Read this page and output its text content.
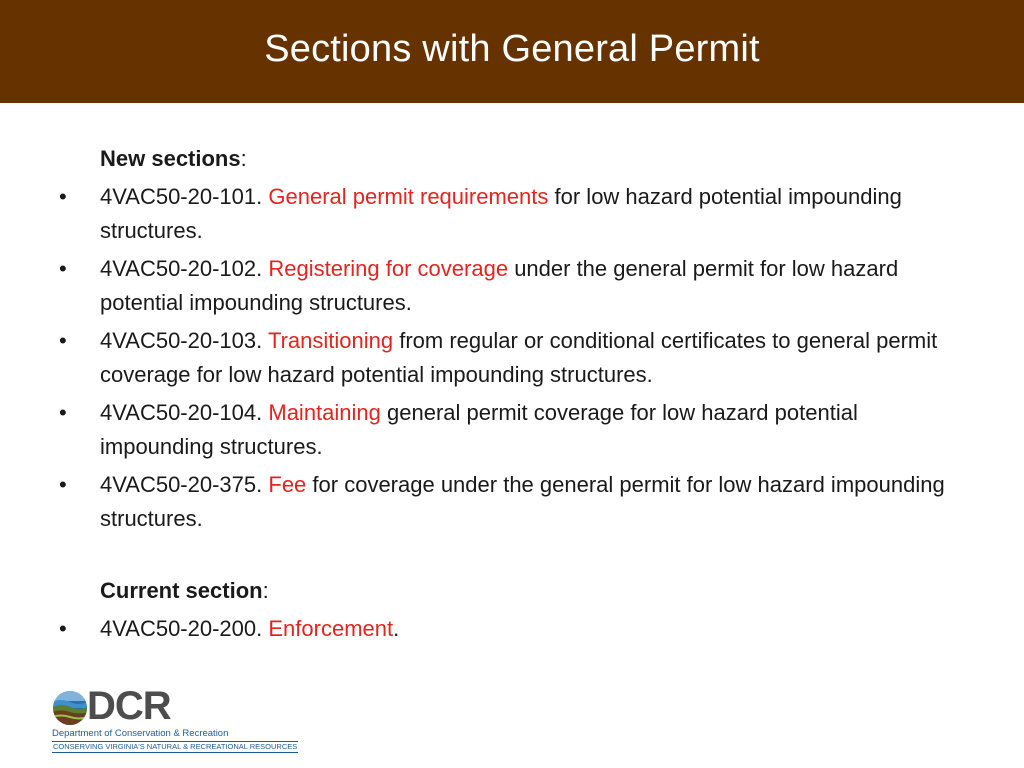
Sections with General Permit

New sections:

• 4VAC50-20-101. General permit requirements for low hazard potential impounding structures.
• 4VAC50-20-102. Registering for coverage under the general permit for low hazard potential impounding structures.
• 4VAC50-20-103. Transitioning from regular or conditional certificates to general permit coverage for low hazard potential impounding structures.
• 4VAC50-20-104. Maintaining general permit coverage for low hazard potential impounding structures.
• 4VAC50-20-375. Fee for coverage under the general permit for low hazard impounding structures.

Current section:

• 4VAC50-20-200. Enforcement.
DCR
Department of Conservation & Recreation
CONSERVING VIRGINIA'S NATURAL & RECREATIONAL RESOURCES
